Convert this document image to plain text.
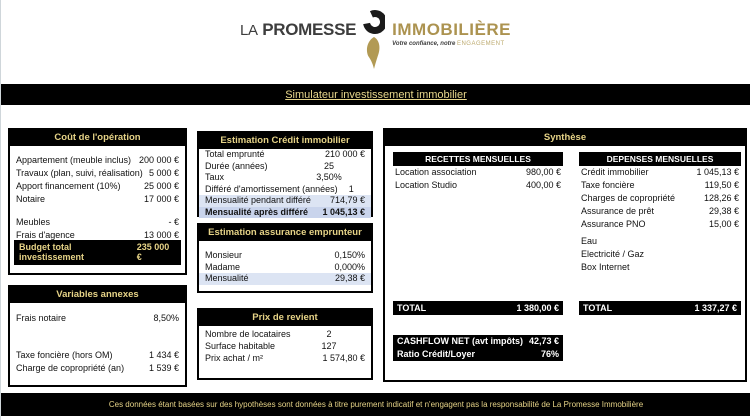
LA PROMESSE IMMOBILIÈRE
Votre confiance, notre ENGAGEMENT
Simulateur investissement immobilier
Coût de l'opération
Appartement (meuble inclus) 200 000 €
Travaux (plan, suivi, réalisation) 5 000 €
Apport financement (10%)	25 000 €
Notaire	17 000 €
Meubles	- €
Frais d'agence	13 000 €
Budget total investissement
235 000 €
Variables annexes
Frais notaire	8,50%
Taxe foncière (hors OM)	1 434 €
Charge de copropriété (an)	1 539 €
Estimation Crédit immobilier
Total emprunté	210 000 €
Durée (années)	25
Taux	3,50%
Différé d'amortissement (années)	1
Mensualité pendant différé 714,79 €
Mensualité après différé 1 045,13 €
Estimation assurance emprunteur
Monsieur	0,150%
Madame	0,000%
Mensualité	29,38 €
Prix de revient
Nombre de locataires	2
Surface habitable	127
Prix achat / m²	1 574,80 €
Synthèse
RECETTES MENSUELLES
Location association	980,00 €
Location Studio	400,00 €
DEPENSES MENSUELLES
Crédit immobilier	1 045,13 €
Taxe foncière	119,50 €
Charges de copropriété	128,26 €
Assurance de prêt	29,38 €
Assurance PNO	15,00 €
Eau
Electricité / Gaz
Box Internet
TOTAL	1 380,00 €	TOTAL	1 337,27 €
CASHFLOW NET (avt impôts) 42,73 €
Ratio Crédit/Loyer	76%
Ces données étant basées sur des hypothèses sont données à titre purement indicatif et n'engagent pas la responsabilité de La Promesse Immobilière
